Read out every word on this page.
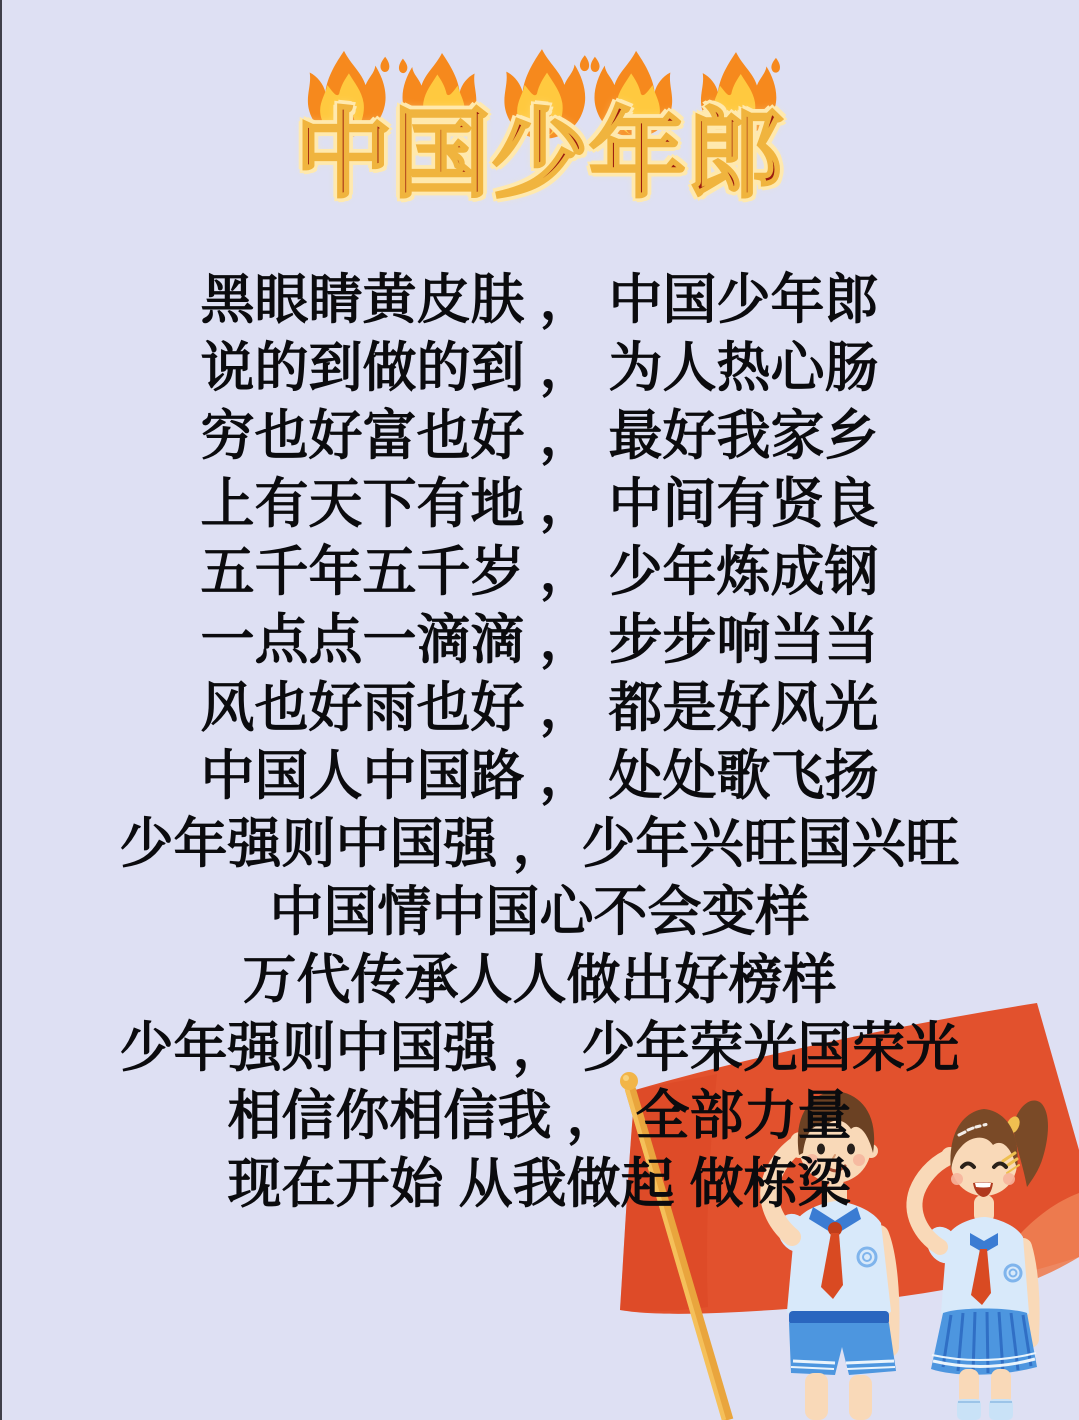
中 国 少 年 郎
黑眼睛黄皮肤 ， 中国少年郎
说的到做的到 ， 为人热心肠
穷也好富也好 ， 最好我家乡
上有天下有地 ， 中间有贤良
五千年五千岁 ， 少年炼成钢
一点点一滴滴 ， 步步响当当
风也好雨也好 ， 都是好风光
中国人中国路 ， 处处歌飞扬
少年强则中国强 ， 少年兴旺国兴旺
中国情中国心不会变样
万代传承人人做出好榜样
少年强则中国强 ， 少年荣光国荣光
相信你相信我 ， 全部力量
现在开始 从我做起 做栋梁
